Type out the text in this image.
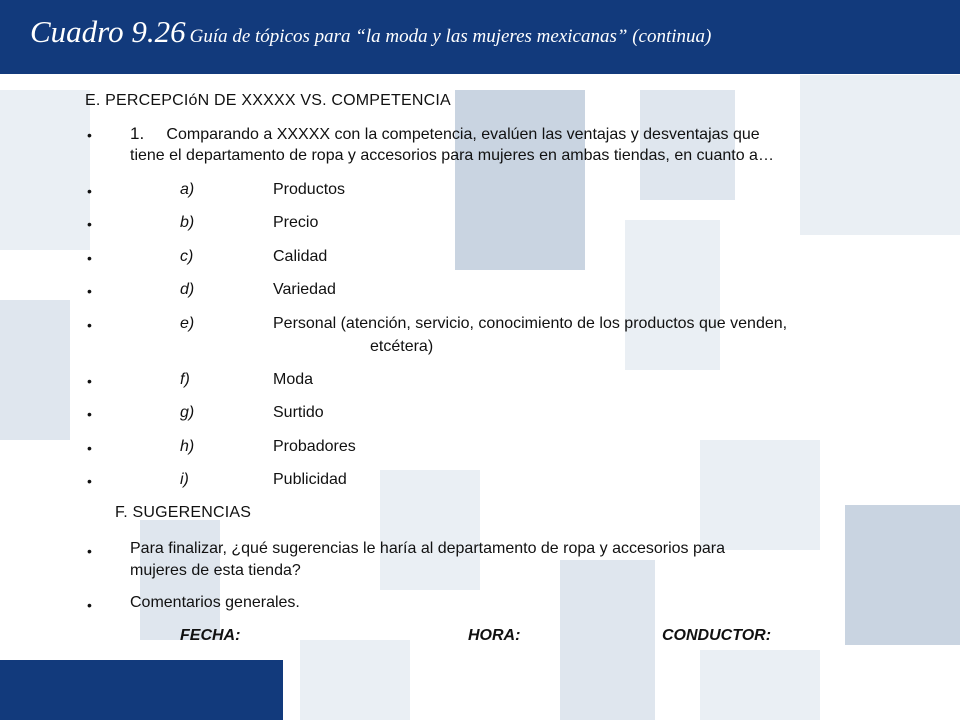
Cuadro 9.26 Guía de tópicos para “la moda y las mujeres mexicanas” (continua)
E. PERCEPCIóN DE XXXXX VS. COMPETENCIA
• 1. Comparando a XXXXX con la competencia, evalúen las ventajas y desventajas que
tiene el departamento de ropa y accesorios para mujeres en ambas tiendas, en cuanto a…
•	a)	Productos
•	b)	Precio
•	c)	Calidad
•	d)	Variedad
•	e)	Personal (atención, servicio, conocimiento de los productos que venden,
etcétera)
•	f)	Moda
•	g)	Surtido
•	h)	Probadores
•	i)	Publicidad
F. SUGERENCIAS
• Para finalizar, ¿qué sugerencias le haría al departamento de ropa y accesorios para
mujeres de esta tienda?
• Comentarios generales.
FECHA:	HORA:	CONDUCTOR:
